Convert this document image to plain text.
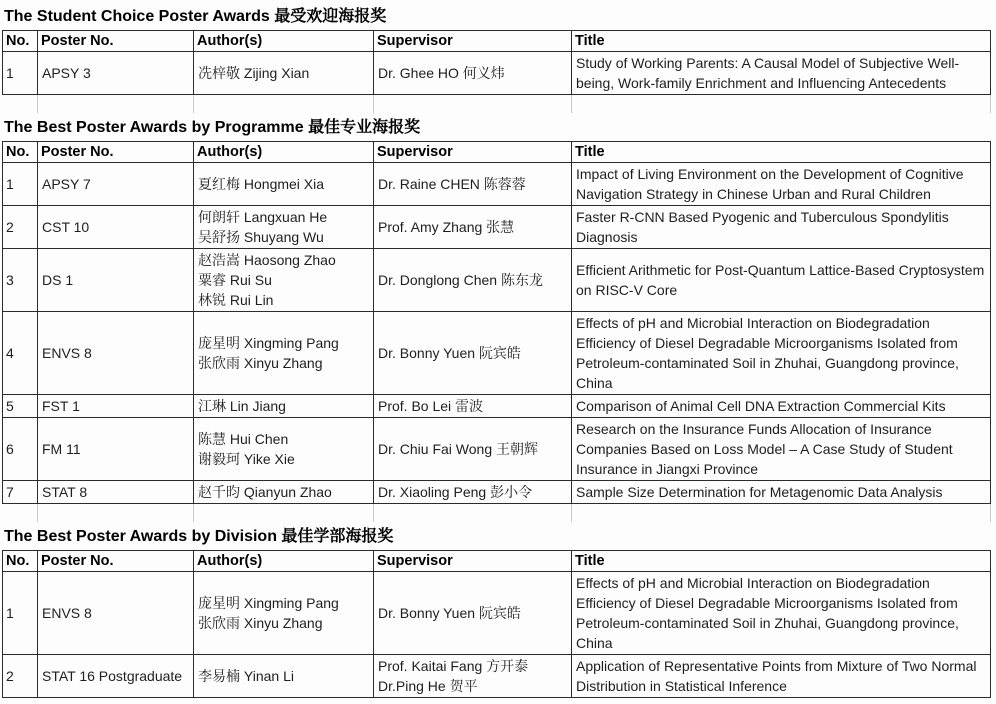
The Student Choice Poster Awards 最受欢迎海报奖
No.	Poster No.	Author(s)	Supervisor	Title
1	APSY 3	冼梓敬 Zijing Xian	Dr. Ghee HO 何义炜	Study of Working Parents: A Causal Model of Subjective Well-being, Work-family Enrichment and Influencing Antecedents

The Best Poster Awards by Programme 最佳专业海报奖
No.	Poster No.	Author(s)	Supervisor	Title
1	APSY 7	夏红梅 Hongmei Xia	Dr. Raine CHEN 陈蓉蓉	Impact of Living Environment on the Development of Cognitive Navigation Strategy in Chinese Urban and Rural Children
2	CST 10	何朗轩 Langxuan He
吴舒扬 Shuyang Wu	Prof. Amy Zhang 张慧	Faster R-CNN Based Pyogenic and Tuberculous Spondylitis Diagnosis
3	DS 1	赵浩嵩 Haosong Zhao
粟睿 Rui Su
林锐 Rui Lin	Dr. Donglong Chen 陈东龙	Efficient Arithmetic for Post-Quantum Lattice-Based Cryptosystem on RISC-V Core
4	ENVS 8	庞星明 Xingming Pang
张欣雨 Xinyu Zhang	Dr. Bonny Yuen 阮宾皓	Effects of pH and Microbial Interaction on Biodegradation Efficiency of Diesel Degradable Microorganisms Isolated from Petroleum-contaminated Soil in Zhuhai, Guangdong province, China
5	FST 1	江琳 Lin Jiang	Prof. Bo Lei 雷波	Comparison of Animal Cell DNA Extraction Commercial Kits
6	FM 11	陈慧 Hui Chen
谢毅珂 Yike Xie	Dr. Chiu Fai Wong 王朝辉	Research on the Insurance Funds Allocation of Insurance Companies Based on Loss Model – A Case Study of Student Insurance in Jiangxi Province
7	STAT 8	赵千昀 Qianyun Zhao	Dr. Xiaoling Peng 彭小令	Sample Size Determination for Metagenomic Data Analysis

The Best Poster Awards by Division 最佳学部海报奖
No.	Poster No.	Author(s)	Supervisor	Title
1	ENVS 8	庞星明 Xingming Pang
张欣雨 Xinyu Zhang	Dr. Bonny Yuen 阮宾皓	Effects of pH and Microbial Interaction on Biodegradation Efficiency of Diesel Degradable Microorganisms Isolated from Petroleum-contaminated Soil in Zhuhai, Guangdong province, China
2	STAT 16 Postgraduate	李易楠 Yinan Li	Prof. Kaitai Fang 方开泰
Dr.Ping He 贺平	Application of Representative Points from Mixture of Two Normal Distribution in Statistical Inference
